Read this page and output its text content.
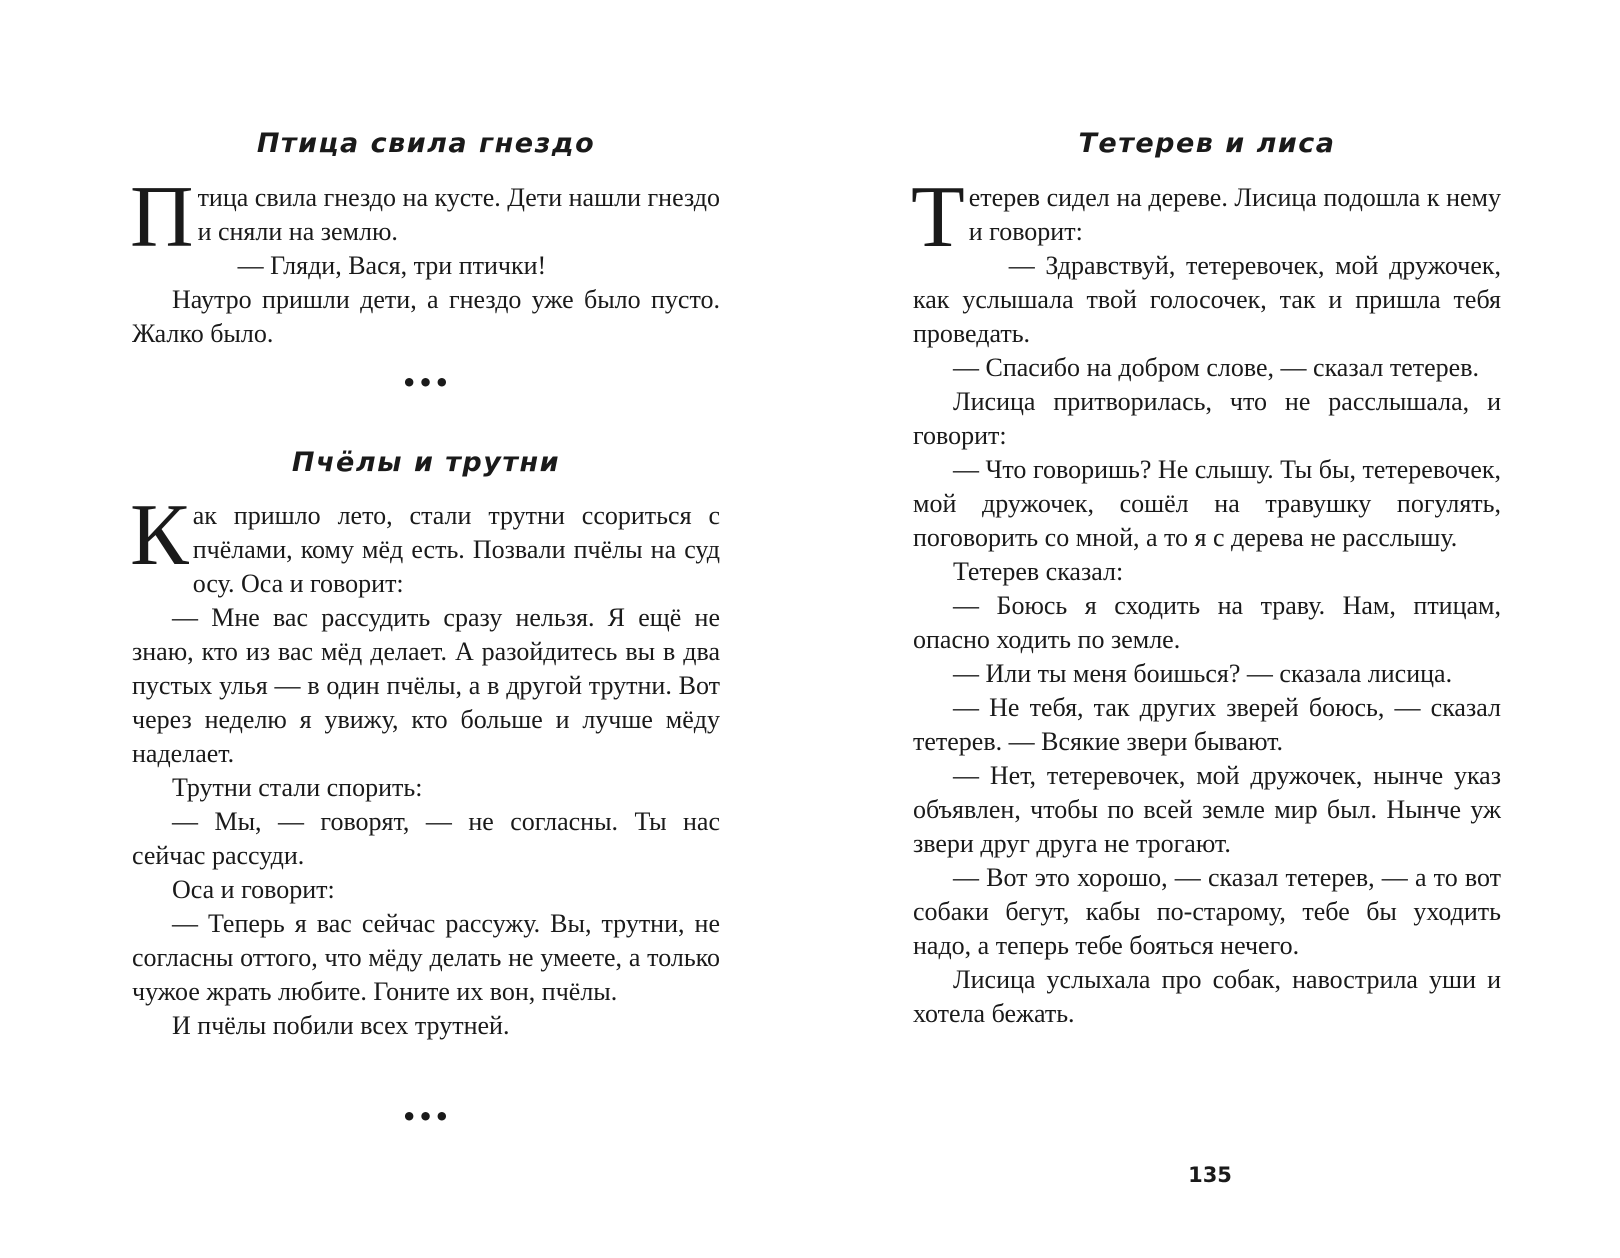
Птица свила гнездо

Птица свила гнездо на кусте. Дети нашли гнездо и сняли на землю.

— Гляди, Вася, три птички!

Наутро пришли дети, а гнездо уже было пусто. Жалко было.

•••
Пчёлы и трутни

Как пришло лето, стали трутни ссориться с пчёлами, кому мёд есть. Позвали пчёлы на суд осу. Оса и говорит:

— Мне вас рассудить сразу нельзя. Я ещё не знаю, кто из вас мёд делает. А разойдитесь вы в два пустых улья — в один пчёлы, а в другой трутни. Вот через неделю я увижу, кто больше и лучше мёду наделает.

Трутни стали спорить:

— Мы, — говорят, — не согласны. Ты нас сейчас рассуди.

Оса и говорит:

— Теперь я вас сейчас рассужу. Вы, трутни, не согласны оттого, что мёду делать не умеете, а только чужое жрать любите. Гоните их вон, пчёлы.

И пчёлы побили всех трутней.

•••
Тетерев и лиса

Тетерев сидел на дереве. Лисица подошла к нему и говорит:

— Здравствуй, тетеревочек, мой дружочек, как услышала твой голосочек, так и пришла тебя проведать.

— Спасибо на добром слове, — сказал тетерев.

Лисица притворилась, что не расслышала, и говорит:

— Что говоришь? Не слышу. Ты бы, тетеревочек, мой дружочек, сошёл на травушку погулять, поговорить со мной, а то я с дерева не расслышу.

Тетерев сказал:

— Боюсь я сходить на траву. Нам, птицам, опасно ходить по земле.

— Или ты меня боишься? — сказала лисица.

— Не тебя, так других зверей боюсь, — сказал тетерев. — Всякие звери бывают.

— Нет, тетеревочек, мой дружочек, нынче указ объявлен, чтобы по всей земле мир был. Нынче уж звери друг друга не трогают.

— Вот это хорошо, — сказал тетерев, — а то вот собаки бегут, кабы по-старому, тебе бы уходить надо, а теперь тебе бояться нечего.

Лисица услыхала про собак, навострила уши и хотела бежать.

135
